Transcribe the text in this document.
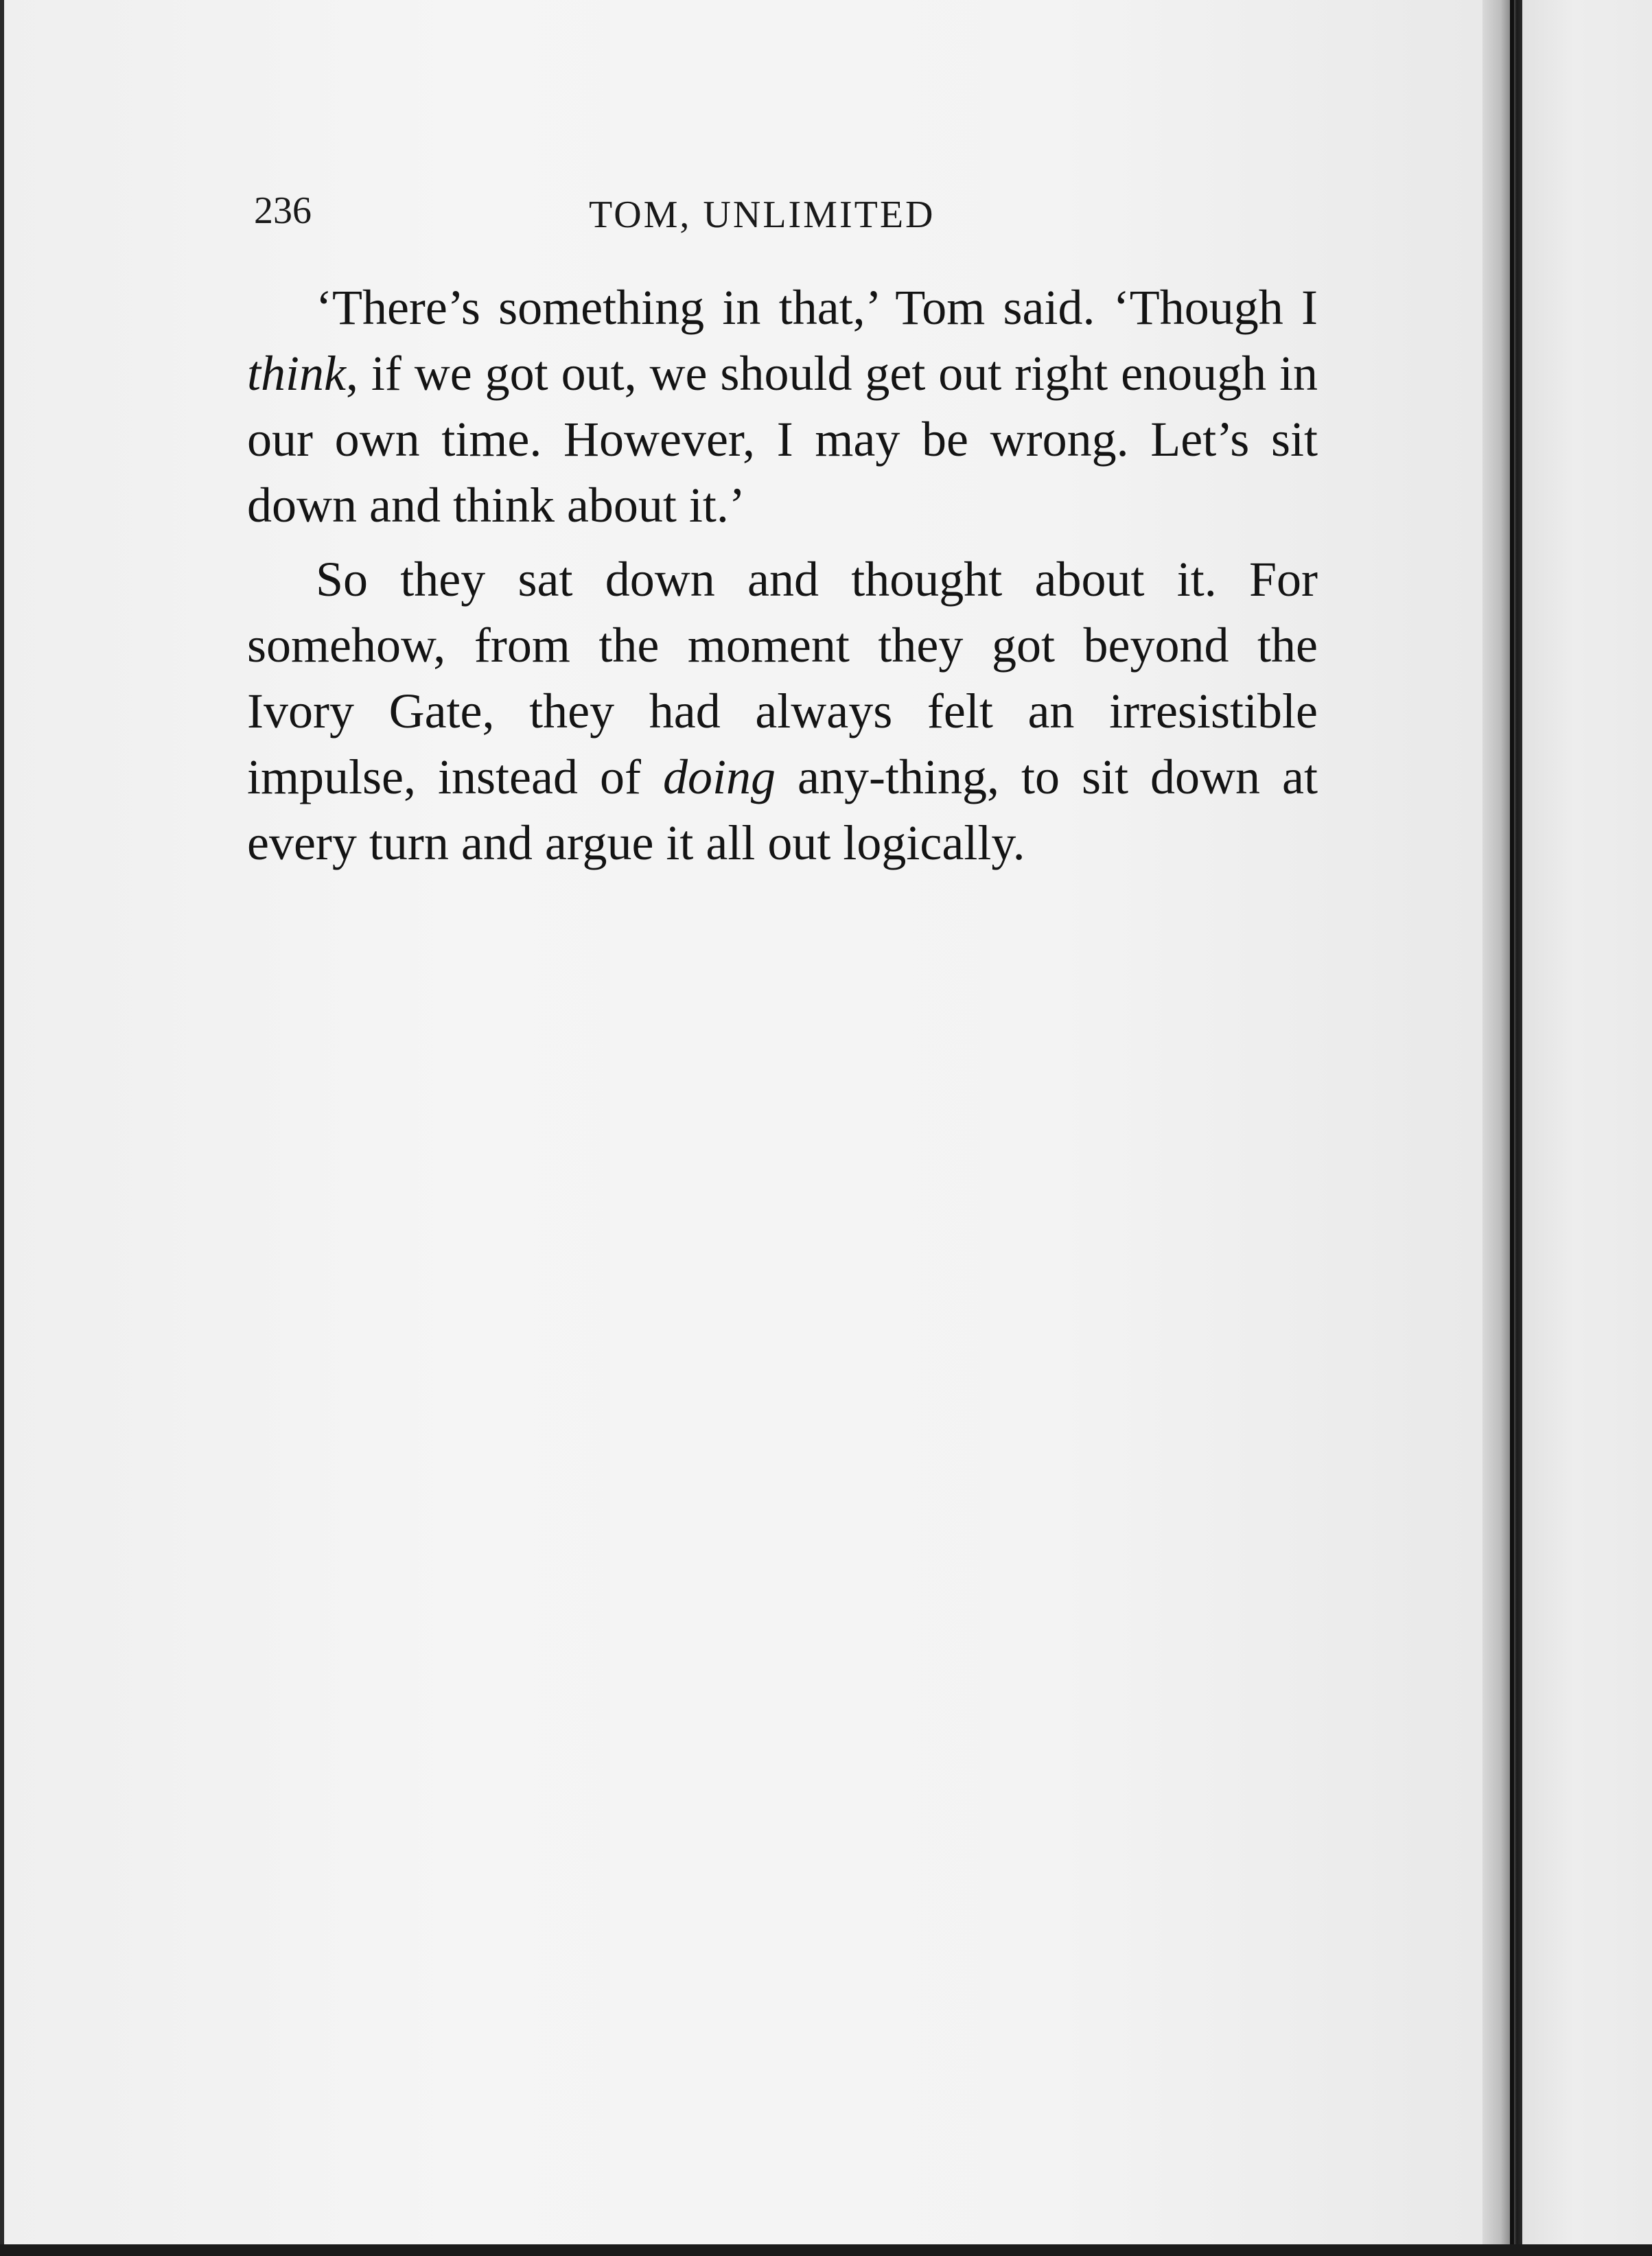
236	TOM, UNLIMITED

‘There’s something in that,’ Tom said. ‘Though I think, if we got out, we should get out right enough in our own time. However, I may be wrong. Let’s sit down and think about it.’

So they sat down and thought about it. For somehow, from the moment they got beyond the Ivory Gate, they had always felt an irresistible impulse, instead of doing any-thing, to sit down at every turn and argue it all out logically.
